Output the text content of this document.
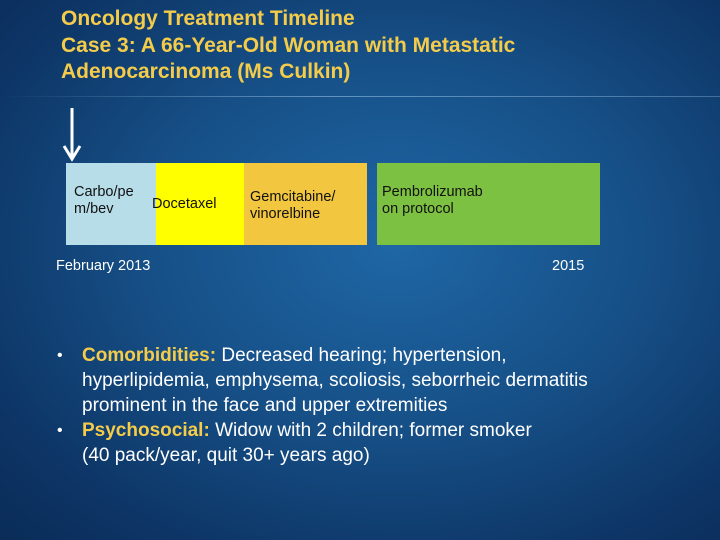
Oncology Treatment Timeline
Case 3: A 66-Year-Old Woman with Metastatic
Adenocarcinoma (Ms Culkin)
Carbo/pe
m/bev	Docetaxel Gemcitabine/
vinorelbine
Pembrolizumab
on protocol
February 2013	2015
• Comorbidities: Decreased hearing; hypertension,
hyperlipidemia, emphysema, scoliosis, seborrheic dermatitis
prominent in the face and upper extremities
• Psychosocial: Widow with 2 children; former smoker
(40 pack/year, quit 30+ years ago)
